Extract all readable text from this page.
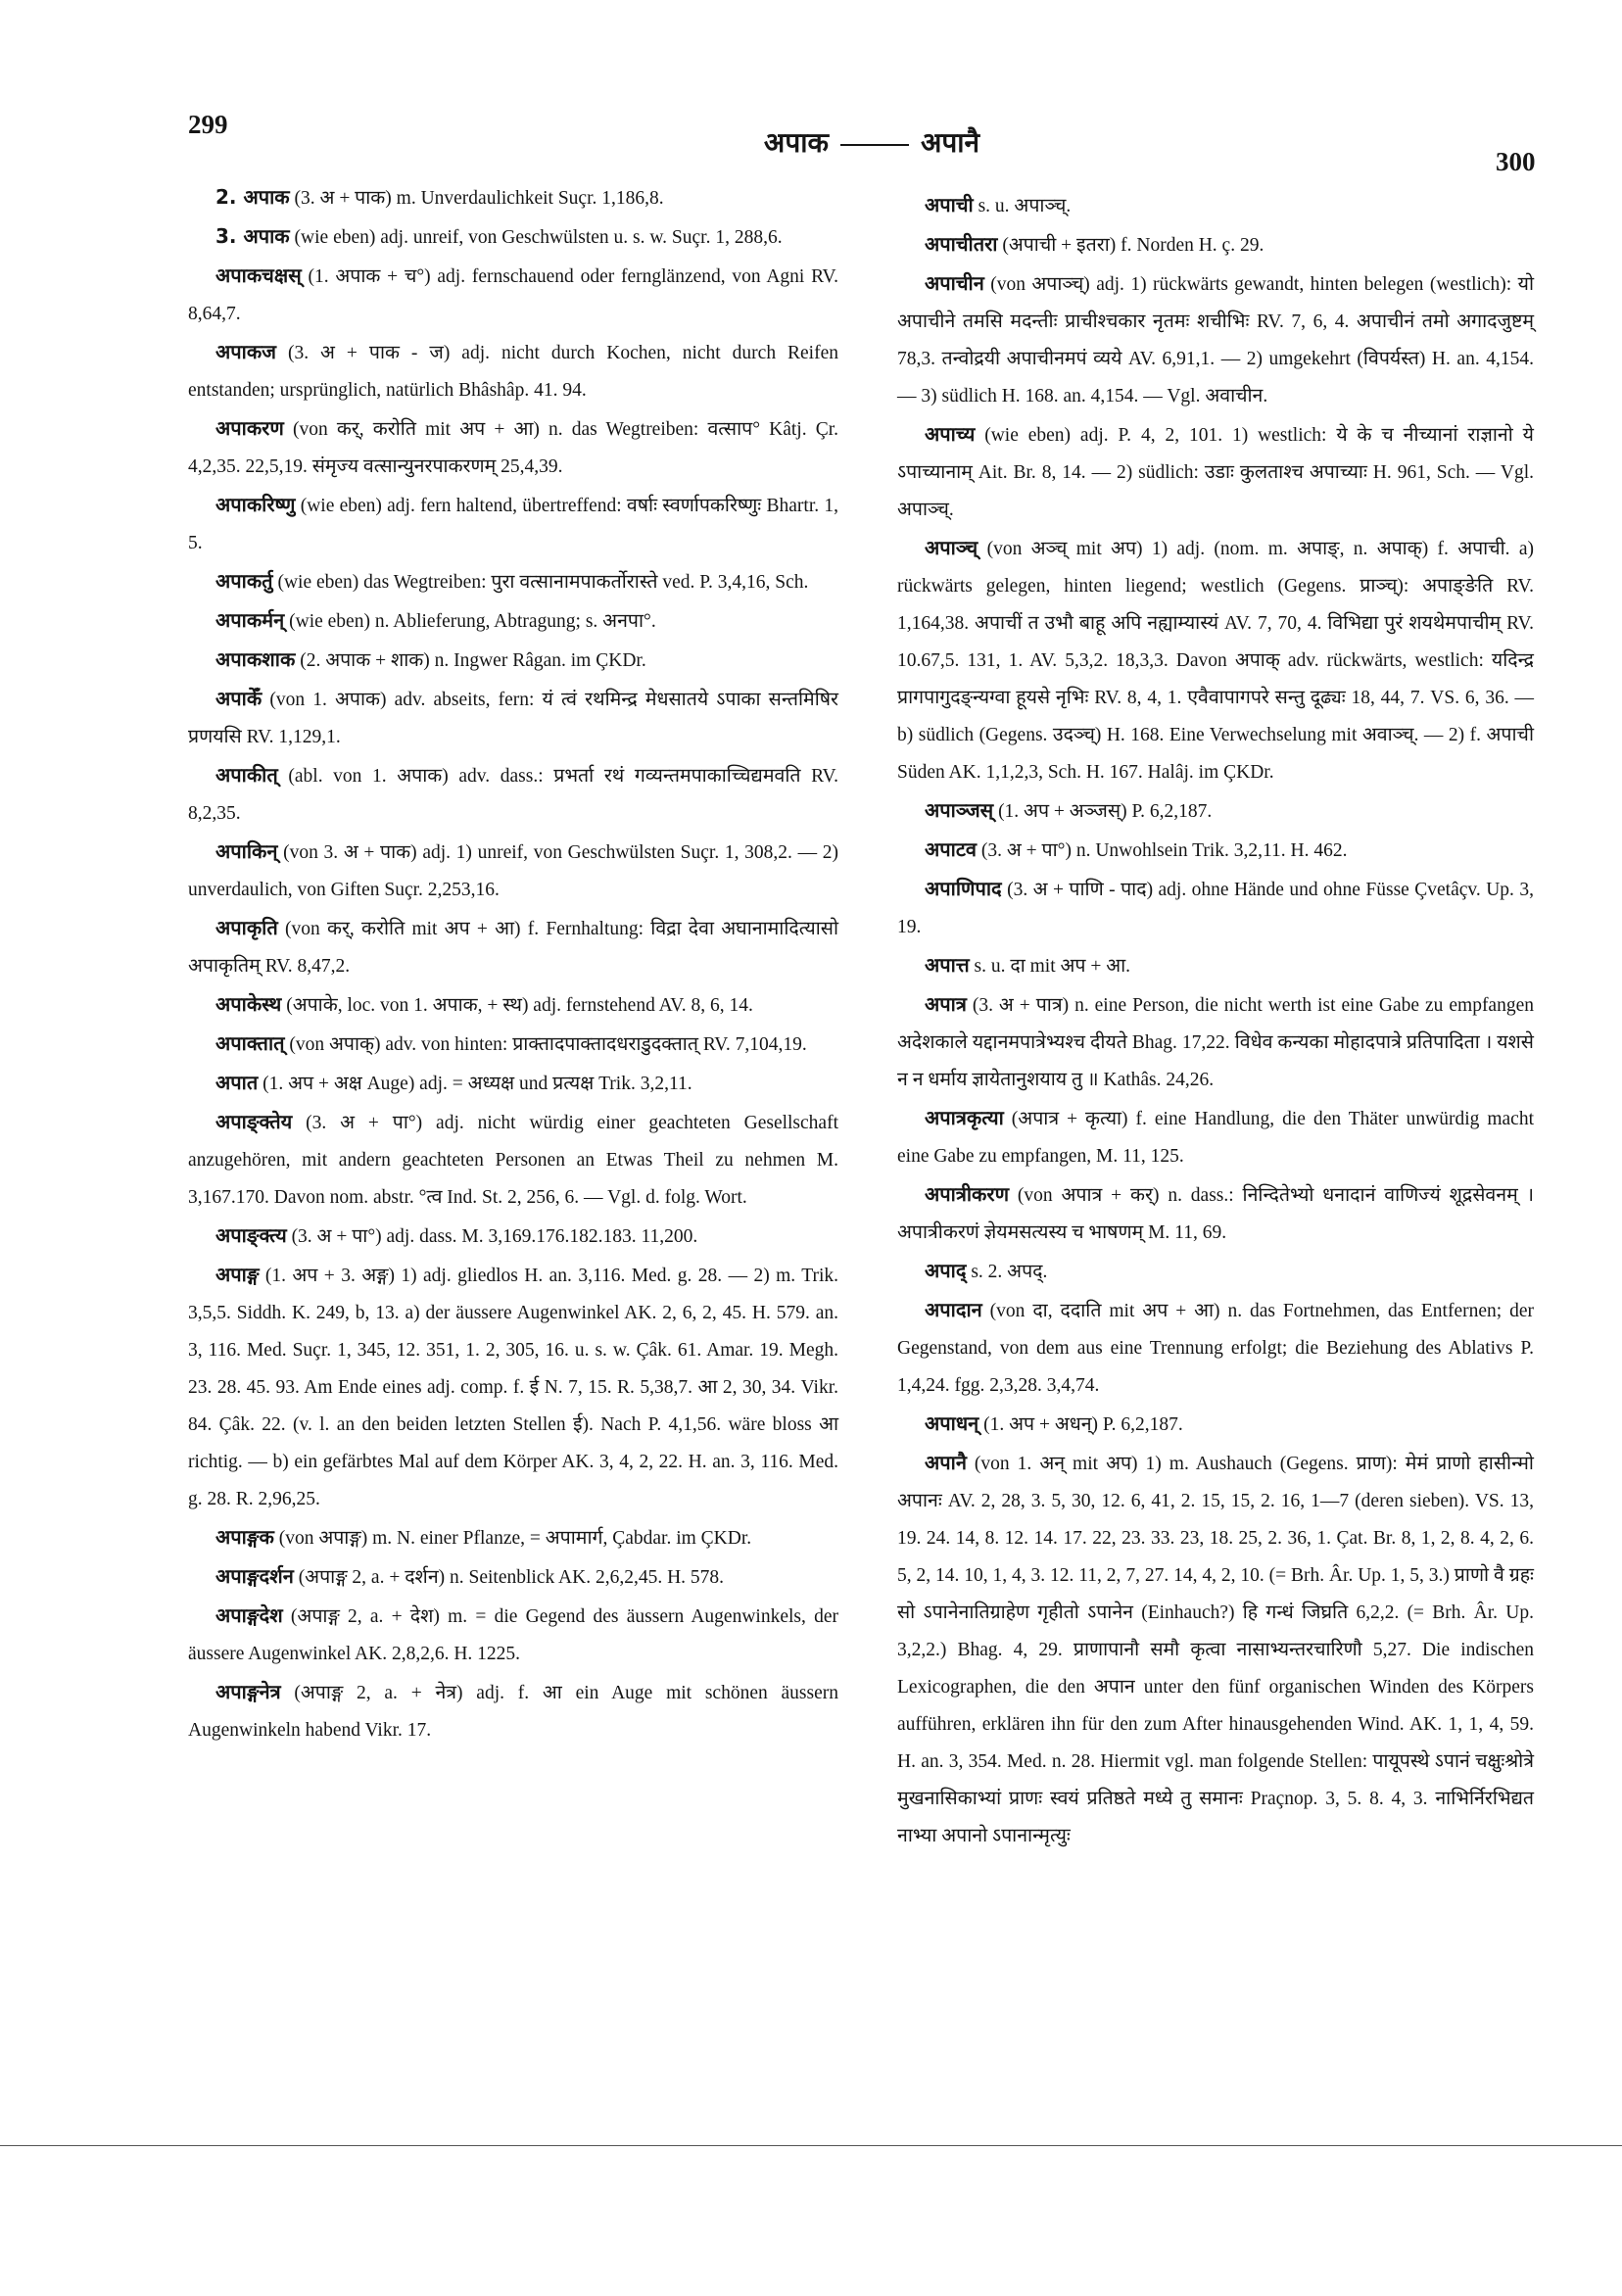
299
अपाक	अपानै
300

2. अपाक (3. अ + पाक) m. Unverdaulichkeit Suçr. 1,186,8.

3. अपाक (wie eben) adj. unreif, von Geschwülsten u. s. w. Suçr. 1, 288,6.

अपाकचक्षस् (1. अपाक + च°) adj. fernschauend oder fernglänzend, von Agni RV. 8,64,7.

अपाकज (3. अ + पाक - ज) adj. nicht durch Kochen, nicht durch Reifen entstanden; ursprünglich, natürlich Bhâshâp. 41. 94.

अपाकरण (von कर्, करोति mit अप + आ) n. das Wegtreiben: वत्साप° Kâtj. Çr. 4,2,35. 22,5,19. संमृज्य वत्सान्युनरपाकरणम् 25,4,39.

अपाकरिष्णु (wie eben) adj. fern haltend, übertreffend: वर्षाः स्वर्णापकरिष्णुः Bhartr. 1, 5.

अपाकर्तु (wie eben) das Wegtreiben: पुरा वत्सानामपाकर्तोरास्ते ved. P. 3,4,16, Sch.

अपाकर्मन् (wie eben) n. Ablieferung, Abtragung; s. अनपा°.

अपाकशाक (2. अपाक + शाक) n. Ingwer Râgan. im ÇKDr.

अपाकेँ (von 1. अपाक) adv. abseits, fern: यं त्वं रथमिन्द्र मेधसातये ऽपाका सन्तमिषिर प्रणयसि RV. 1,129,1.

अपाकीत् (abl. von 1. अपाक) adv. dass.: प्रभर्ता रथं गव्यन्तमपाकाच्चिद्यमवति RV. 8,2,35.

अपाकिन् (von 3. अ + पाक) adj. 1) unreif, von Geschwülsten Suçr. 1, 308,2. — 2) unverdaulich, von Giften Suçr. 2,253,16.

अपाकृति (von कर्, करोति mit अप + आ) f. Fernhaltung: विद्रा देवा अघानामादित्यासो अपाकृतिम् RV. 8,47,2.

अपाकेस्थ (अपाके, loc. von 1. अपाक, + स्थ) adj. fernstehend AV. 8, 6, 14.

अपाक्तात् (von अपाक्) adv. von hinten: प्राक्तादपाक्तादधराडुदक्तात् RV. 7,104,19.

अपात (1. अप + अक्ष Auge) adj. = अध्यक्ष und प्रत्यक्ष Trik. 3,2,11.

अपाङ्क्तेय (3. अ + पा°) adj. nicht würdig einer geachteten Gesellschaft anzugehören, mit andern geachteten Personen an Etwas Theil zu nehmen M. 3,167.170. Davon nom. abstr. °त्व Ind. St. 2, 256, 6. — Vgl. d. folg. Wort.

अपाङ्क्त्य (3. अ + पा°) adj. dass. M. 3,169.176.182.183. 11,200.

अपाङ्ग (1. अप + 3. अङ्ग) 1) adj. gliedlos H. an. 3,116. Med. g. 28. — 2) m. Trik. 3,5,5. Siddh. K. 249, b, 13. a) der äussere Augenwinkel AK. 2, 6, 2, 45. H. 579. an. 3, 116. Med. Suçr. 1, 345, 12. 351, 1. 2, 305, 16. u. s. w. Çâk. 61. Amar. 19. Megh. 23. 28. 45. 93. Am Ende eines adj. comp. f. ई N. 7, 15. R. 5,38,7. आ 2, 30, 34. Vikr. 84. Çâk. 22. (v. l. an den beiden letzten Stellen ई). Nach P. 4,1,56. wäre bloss आ richtig. — b) ein gefärbtes Mal auf dem Körper AK. 3, 4, 2, 22. H. an. 3, 116. Med. g. 28. R. 2,96,25.

अपाङ्गक (von अपाङ्ग) m. N. einer Pflanze, = अपामार्ग, Çabdar. im ÇKDr.

अपाङ्गदर्शन (अपाङ्ग 2, a. + दर्शन) n. Seitenblick AK. 2,6,2,45. H. 578.

अपाङ्गदेश (अपाङ्ग 2, a. + देश) m. = die Gegend des äussern Augenwinkels, der äussere Augenwinkel AK. 2,8,2,6. H. 1225.

अपाङ्गनेत्र (अपाङ्ग 2, a. + नेत्र) adj. f. आ ein Auge mit schönen äussern Augenwinkeln habend Vikr. 17.

अपाची s. u. अपाञ्च्.

अपाचीतरा (अपाची + इतरा) f. Norden H. ç. 29.

अपाचीन (von अपाञ्च्) adj. 1) rückwärts gewandt, hinten belegen (westlich): यो अपाचीने तमसि मदन्तीः प्राचीश्चकार नृतमः शचीभिः RV. 7, 6, 4. अपाचीनं तमो अगादजुष्टम् 78,3. तन्वोद्रयी अपाचीनमपं व्यये AV. 6,91,1. — 2) umgekehrt (विपर्यस्त) H. an. 4,154. — 3) südlich H. 168. an. 4,154. — Vgl. अवाचीन.

अपाच्य (wie eben) adj. P. 4, 2, 101. 1) westlich: ये के च नीच्यानां राज्ञानो ये ऽपाच्यानाम् Ait. Br. 8, 14. — 2) südlich: उडाः कुलताश्च अपाच्याः H. 961, Sch. — Vgl. अपाञ्च्.

अपाञ्च् (von अञ्च् mit अप) 1) adj. (nom. m. अपाङ्, n. अपाक्) f. अपाची. a) rückwärts gelegen, hinten liegend; westlich (Gegens. प्राञ्च्): अपाङ्ङेति RV. 1,164,38. अपाचीं त उभौ बाहू अपि नह्याम्यास्यं AV. 7, 70, 4. विभिद्या पुरं शयथेमपाचीम् RV. 10.67,5. 131, 1. AV. 5,3,2. 18,3,3. Davon अपाक् adv. rückwärts, westlich: यदिन्द्र प्रागपागुदङ्न्यग्वा हूयसे नृभिः RV. 8, 4, 1. एवैवापागपरे सन्तु दूढ्यः 18, 44, 7. VS. 6, 36. — b) südlich (Gegens. उदञ्च्) H. 168. Eine Verwechselung mit अवाञ्च्. — 2) f. अपाची Süden AK. 1,1,2,3, Sch. H. 167. Halâj. im ÇKDr.

अपाञ्जस् (1. अप + अञ्जस्) P. 6,2,187.

अपाटव (3. अ + पा°) n. Unwohlsein Trik. 3,2,11. H. 462.

अपाणिपाद (3. अ + पाणि - पाद) adj. ohne Hände und ohne Füsse Çvetâçv. Up. 3, 19.

अपात्त s. u. दा mit अप + आ.

अपात्र (3. अ + पात्र) n. eine Person, die nicht werth ist eine Gabe zu empfangen अदेशकाले यद्दानमपात्रेभ्यश्च दीयते Bhag. 17,22. विधेव कन्यका मोहादपात्रे प्रतिपादिता । यशसे न न धर्माय ज्ञायेतानुशयाय तु ॥ Kathâs. 24,26.

अपात्रकृत्या (अपात्र + कृत्या) f. eine Handlung, die den Thäter unwürdig macht eine Gabe zu empfangen, M. 11, 125.

अपात्रीकरण (von अपात्र + कर्) n. dass.: निन्दितेभ्यो धनादानं वाणिज्यं शूद्रसेवनम् । अपात्रीकरणं ज्ञेयमसत्यस्य च भाषणम् M. 11, 69.

अपाद् s. 2. अपद्.

अपादान (von दा, ददाति mit अप + आ) n. das Fortnehmen, das Entfernen; der Gegenstand, von dem aus eine Trennung erfolgt; die Beziehung des Ablativs P. 1,4,24. fgg. 2,3,28. 3,4,74.

अपाधन् (1. अप + अधन्) P. 6,2,187.

अपानै (von 1. अन् mit अप) 1) m. Aushauch (Gegens. प्राण): मेमं प्राणो हासीन्मो अपानः AV. 2, 28, 3. 5, 30, 12. 6, 41, 2. 15, 15, 2. 16, 1—7 (deren sieben). VS. 13, 19. 24. 14, 8. 12. 14. 17. 22, 23. 33. 23, 18. 25, 2. 36, 1. Çat. Br. 8, 1, 2, 8. 4, 2, 6. 5, 2, 14. 10, 1, 4, 3. 12. 11, 2, 7, 27. 14, 4, 2, 10. (= Brh. Âr. Up. 1, 5, 3.) प्राणो वै ग्रहः सो ऽपानेनातिग्राहेण गृहीतो ऽपानेन (Einhauch?) हि गन्धं जिघ्रति 6,2,2. (= Brh. Âr. Up. 3,2,2.) Bhag. 4, 29. प्राणापानौ समौ कृत्वा नासाभ्यन्तरचारिणौ 5,27. Die indischen Lexicographen, die den अपान unter den fünf organischen Winden des Körpers aufführen, erklären ihn für den zum After hinausgehenden Wind. AK. 1, 1, 4, 59. H. an. 3, 354. Med. n. 28. Hiermit vgl. man folgende Stellen: पायूपस्थे ऽपानं चक्षुःश्रोत्रे मुखनासिकाभ्यां प्राणः स्वयं प्रतिष्ठते मध्ये तु समानः Praçnop. 3, 5. 8. 4, 3. नाभिर्निरभिद्यत नाभ्या अपानो ऽपानान्मृत्युः
